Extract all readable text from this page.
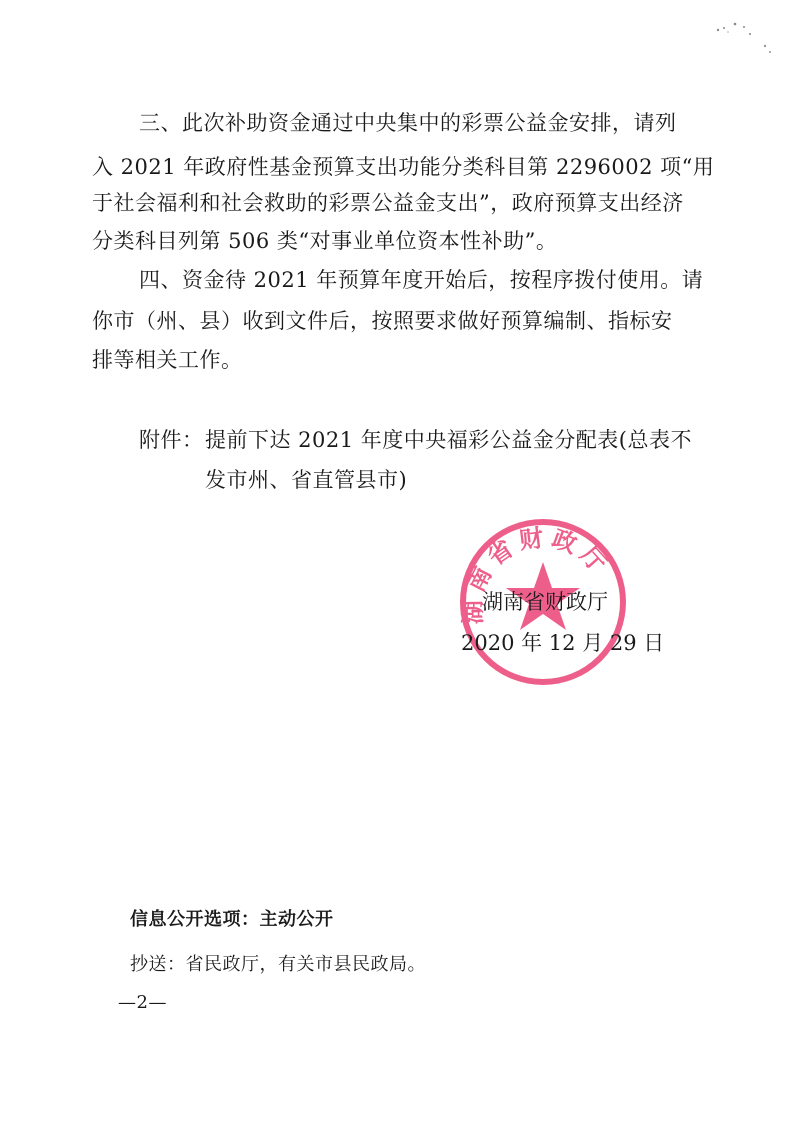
三、此次补助资金通过中央集中的彩票公益金安排，请列
入 2021 年政府性基金预算支出功能分类科目第 2296002 项“用
于社会福利和社会救助的彩票公益金支出”，政府预算支出经济
分类科目列第 506 类“对事业单位资本性补助”。
四、资金待 2021 年预算年度开始后，按程序拨付使用。请
你市（州、县）收到文件后，按照要求做好预算编制、指标安
排等相关工作。
附件： 提前下达 2021 年度中央福彩公益金分配表(总表不
发市州、省直管县市)
湖南省财政厅
湖南省财政厅
2020 年 12 月 29 日
信息公开选项：主动公开
抄送：省民政厅，有关市县民政局。
—2—
